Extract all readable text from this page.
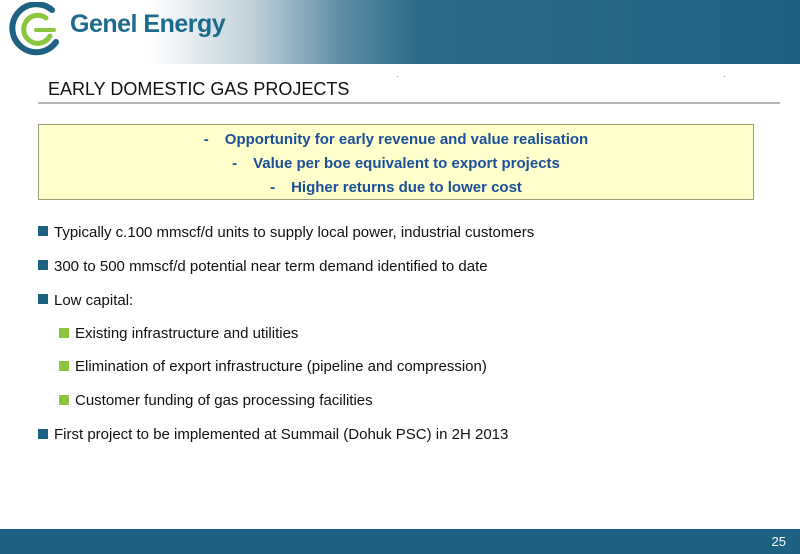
Genel Energy
EARLY DOMESTIC GAS PROJECTS
- Opportunity for early revenue and value realisation
- Value per boe equivalent to export projects
- Higher returns due to lower cost
Typically c.100 mmscf/d units to supply local power, industrial customers
300 to 500 mmscf/d potential near term demand identified to date
Low capital:
Existing infrastructure and utilities
Elimination of export infrastructure (pipeline and compression)
Customer funding of gas processing facilities
First project to be implemented at Summail (Dohuk PSC) in 2H 2013
25
